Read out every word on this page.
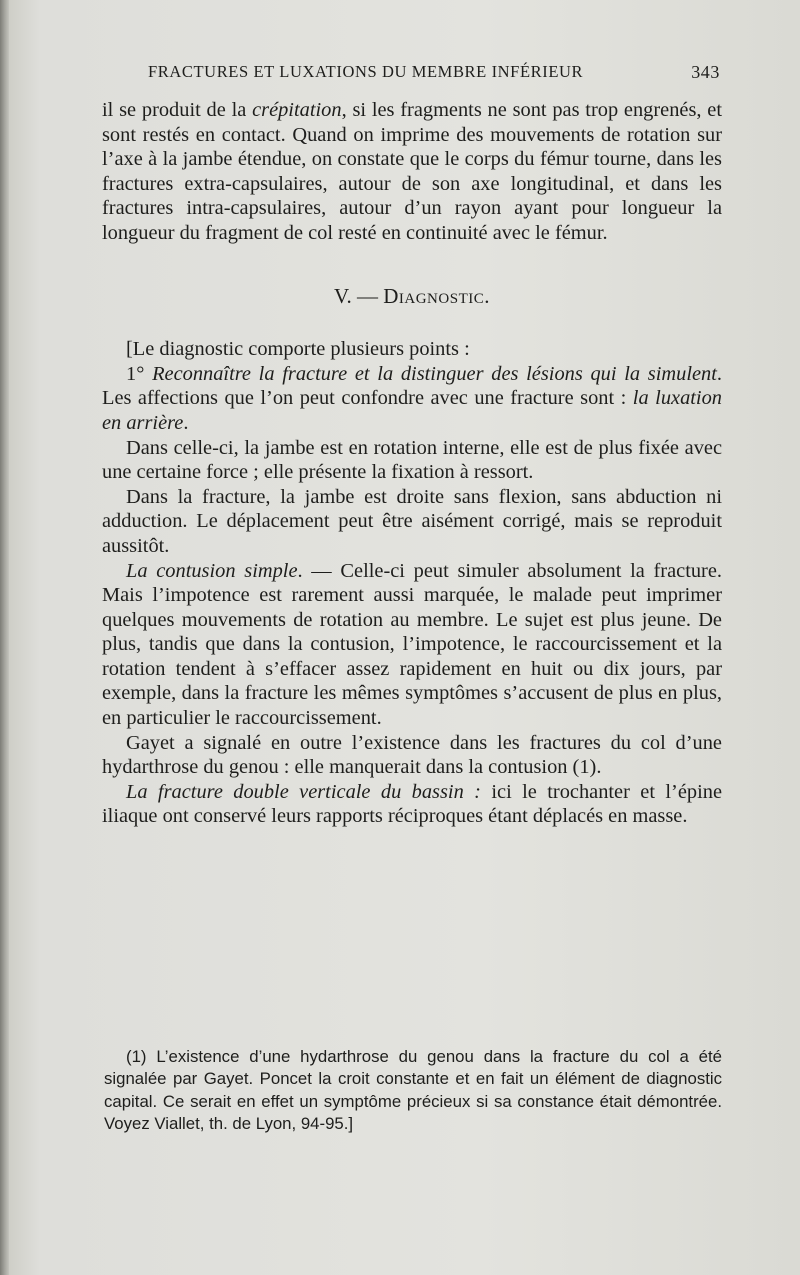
FRACTURES ET LUXATIONS DU MEMBRE INFÉRIEUR	343

il se produit de la crépitation, si les fragments ne sont pas trop engrenés, et sont restés en contact. Quand on imprime des mouvements de rotation sur l’axe à la jambe étendue, on constate que le corps du fémur tourne, dans les fractures extra-capsulaires, autour de son axe longitudinal, et dans les fractures intra-capsulaires, autour d’un rayon ayant pour longueur la longueur du fragment de col resté en continuité avec le fémur.

V. — Diagnostic.

[Le diagnostic comporte plusieurs points :

1° Reconnaître la fracture et la distinguer des lésions qui la simulent. Les affections que l’on peut confondre avec une fracture sont : la luxation en arrière.

Dans celle-ci, la jambe est en rotation interne, elle est de plus fixée avec une certaine force ; elle présente la fixation à ressort.

Dans la fracture, la jambe est droite sans flexion, sans abduction ni adduction. Le déplacement peut être aisément corrigé, mais se reproduit aussitôt.

La contusion simple. — Celle-ci peut simuler absolument la fracture. Mais l’impotence est rarement aussi marquée, le malade peut imprimer quelques mouvements de rotation au membre. Le sujet est plus jeune. De plus, tandis que dans la contusion, l’impotence, le raccourcissement et la rotation tendent à s’effacer assez rapidement en huit ou dix jours, par exemple, dans la fracture les mêmes symptômes s’accusent de plus en plus, en particulier le raccourcissement.

Gayet a signalé en outre l’existence dans les fractures du col d’une hydarthrose du genou : elle manquerait dans la contusion (1).

La fracture double verticale du bassin : ici le trochanter et l’épine iliaque ont conservé leurs rapports réciproques étant déplacés en masse.

(1) L’existence d’une hydarthrose du genou dans la fracture du col a été signalée par Gayet. Poncet la croit constante et en fait un élément de diagnostic capital. Ce serait en effet un symptôme précieux si sa constance était démontrée. Voyez Viallet, th. de Lyon, 94-95.]
